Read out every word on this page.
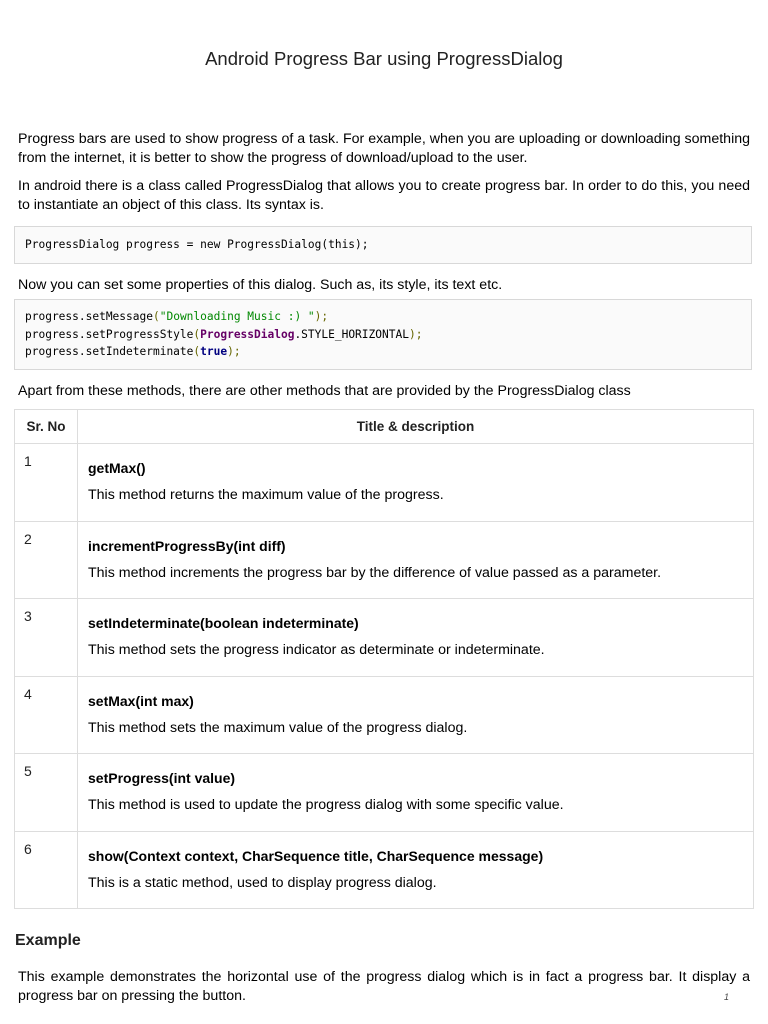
Android Progress Bar using ProgressDialog

Progress bars are used to show progress of a task. For example, when you are uploading or downloading something from the internet, it is better to show the progress of download/upload to the user.

In android there is a class called ProgressDialog that allows you to create progress bar. In order to do this, you need to instantiate an object of this class. Its syntax is.

ProgressDialog progress = new ProgressDialog(this);

Now you can set some properties of this dialog. Such as, its style, its text etc.

progress.setMessage("Downloading Music :) ");
progress.setProgressStyle(ProgressDialog.STYLE_HORIZONTAL);
progress.setIndeterminate(true);

Apart from these methods, there are other methods that are provided by the ProgressDialog class

Sr. No	Title & description
1	getMax()
This method returns the maximum value of the progress.

2	incrementProgressBy(int diff)
This method increments the progress bar by the difference of value passed as a parameter.

3	setIndeterminate(boolean indeterminate)
This method sets the progress indicator as determinate or indeterminate.

4	setMax(int max)
This method sets the maximum value of the progress dialog.

5	setProgress(int value)
This method is used to update the progress dialog with some specific value.

6	show(Context context, CharSequence title, CharSequence message)
This is a static method, used to display progress dialog.
Example

This example demonstrates the horizontal use of the progress dialog which is in fact a progress bar. It display a progress bar on pressing the button.	1
